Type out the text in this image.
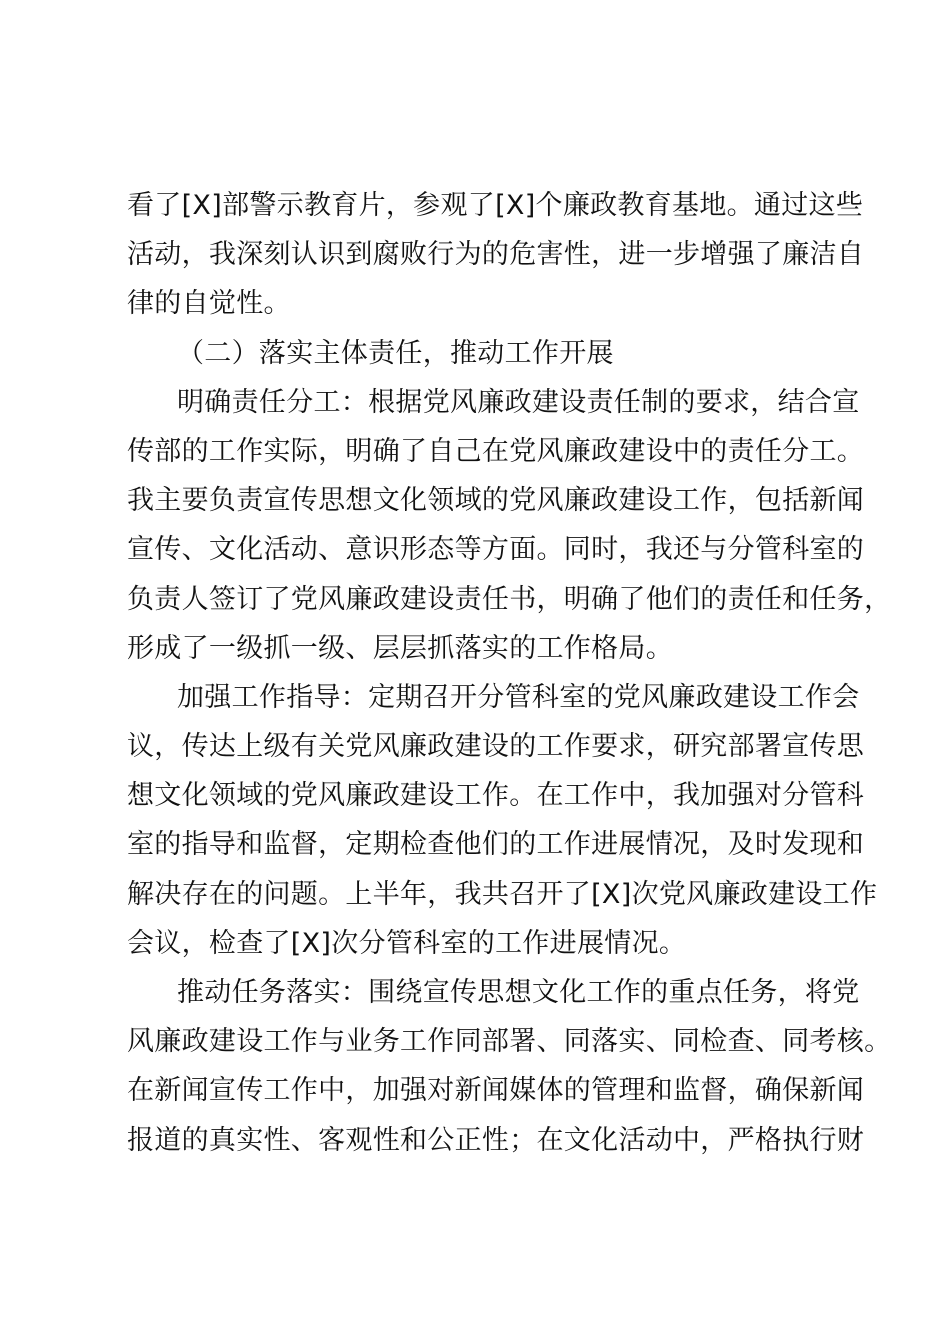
看了[X]部警示教育片，参观了[X]个廉政教育基地。通过这些
活动，我深刻认识到腐败行为的危害性，进一步增强了廉洁自
律的自觉性。
（二）落实主体责任，推动工作开展
明确责任分工：根据党风廉政建设责任制的要求，结合宣
传部的工作实际，明确了自己在党风廉政建设中的责任分工。
我主要负责宣传思想文化领域的党风廉政建设工作，包括新闻
宣传、文化活动、意识形态等方面。同时，我还与分管科室的
负责人签订了党风廉政建设责任书，明确了他们的责任和任务，
形成了一级抓一级、层层抓落实的工作格局。
加强工作指导：定期召开分管科室的党风廉政建设工作会
议，传达上级有关党风廉政建设的工作要求，研究部署宣传思
想文化领域的党风廉政建设工作。在工作中，我加强对分管科
室的指导和监督，定期检查他们的工作进展情况，及时发现和
解决存在的问题。上半年，我共召开了[X]次党风廉政建设工作
会议，检查了[X]次分管科室的工作进展情况。
推动任务落实：围绕宣传思想文化工作的重点任务，将党
风廉政建设工作与业务工作同部署、同落实、同检查、同考核。
在新闻宣传工作中，加强对新闻媒体的管理和监督，确保新闻
报道的真实性、客观性和公正性；在文化活动中，严格执行财
